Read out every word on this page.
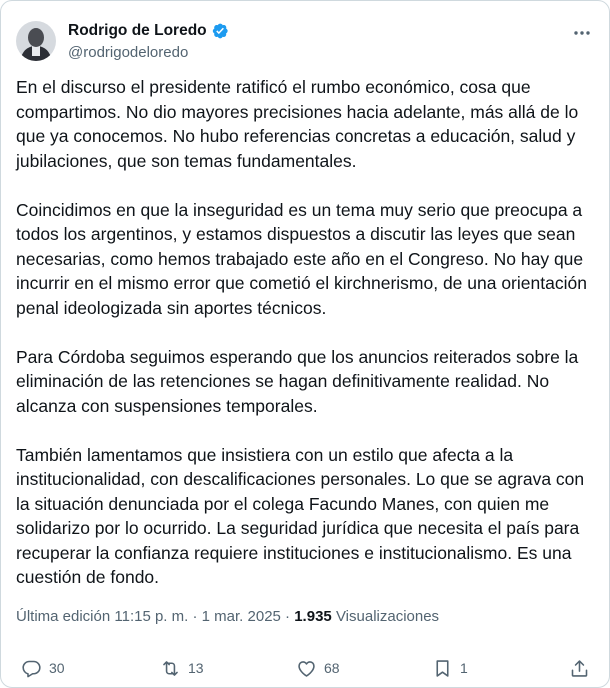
Rodrigo de Loredo
@rodrigodeloredo

En el discurso el presidente ratificó el rumbo económico, cosa que compartimos. No dio mayores precisiones hacia adelante, más allá de lo que ya conocemos. No hubo referencias concretas a educación, salud y jubilaciones, que son temas fundamentales.

Coincidimos en que la inseguridad es un tema muy serio que preocupa a todos los argentinos, y estamos dispuestos a discutir las leyes que sean necesarias, como hemos trabajado este año en el Congreso. No hay que incurrir en el mismo error que cometió el kirchnerismo, de una orientación penal ideologizada sin aportes técnicos.

Para Córdoba seguimos esperando que los anuncios reiterados sobre la eliminación de las retenciones se hagan definitivamente realidad. No alcanza con suspensiones temporales.

También lamentamos que insistiera con un estilo que afecta a la institucionalidad, con descalificaciones personales. Lo que se agrava con la situación denunciada por el colega Facundo Manes, con quien me solidarizo por lo ocurrido. La seguridad jurídica que necesita el país para recuperar la confianza requiere instituciones e institucionalismo. Es una cuestión de fondo.

Última edición 11:15 p. m. · 1 mar. 2025 · 1.935 Visualizaciones
30	13	68	1
